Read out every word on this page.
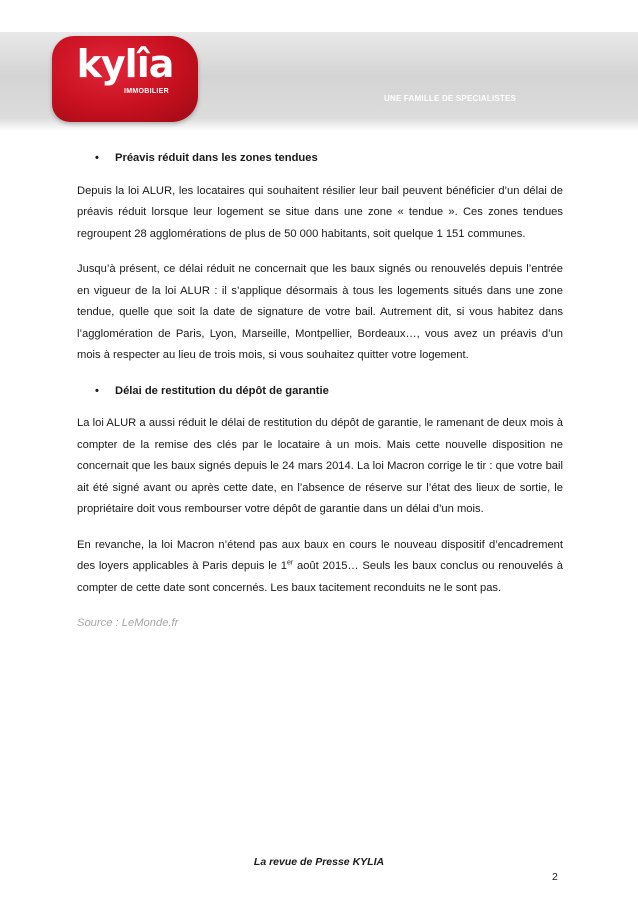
kylîa
IMMOBILIER
UNE FAMILLE DE SPECIALISTES
•	Préavis réduit dans les zones tendues

Depuis la loi ALUR, les locataires qui souhaitent résilier leur bail peuvent bénéficier d’un délai de préavis réduit lorsque leur logement se situe dans une zone « tendue ». Ces zones tendues regroupent 28 agglomérations de plus de 50 000 habitants, soit quelque 1 151 communes.

Jusqu’à présent, ce délai réduit ne concernait que les baux signés ou renouvelés depuis l’entrée en vigueur de la loi ALUR : il s’applique désormais à tous les logements situés dans une zone tendue, quelle que soit la date de signature de votre bail. Autrement dit, si vous habitez dans l’agglomération de Paris, Lyon, Marseille, Montpellier, Bordeaux…, vous avez un préavis d’un mois à respecter au lieu de trois mois, si vous souhaitez quitter votre logement.

•	Délai de restitution du dépôt de garantie

La loi ALUR a aussi réduit le délai de restitution du dépôt de garantie, le ramenant de deux mois à compter de la remise des clés par le locataire à un mois. Mais cette nouvelle disposition ne concernait que les baux signés depuis le 24 mars 2014. La loi Macron corrige le tir : que votre bail ait été signé avant ou après cette date, en l’absence de réserve sur l’état des lieux de sortie, le propriétaire doit vous rembourser votre dépôt de garantie dans un délai d’un mois.

En revanche, la loi Macron n’étend pas aux baux en cours le nouveau dispositif d’encadrement des loyers applicables à Paris depuis le 1er août 2015… Seuls les baux conclus ou renouvelés à compter de cette date sont concernés. Les baux tacitement reconduits ne le sont pas.

Source : LeMonde.fr

La revue de Presse KYLIA
2
